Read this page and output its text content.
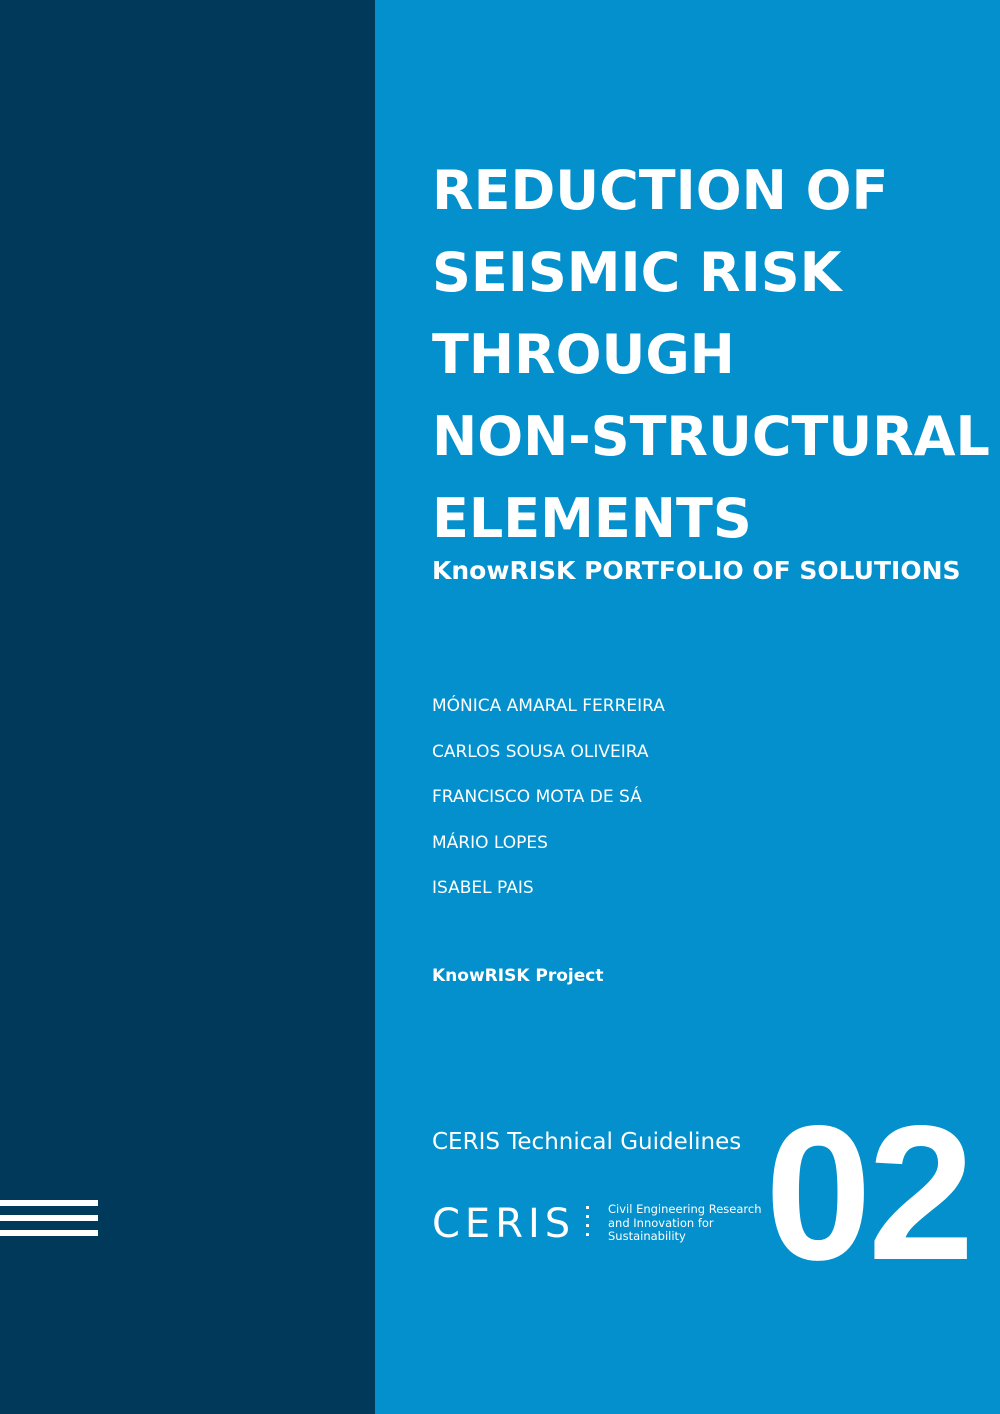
REDUCTION OF
SEISMIC RISK
THROUGH
NON-STRUCTURAL
ELEMENTS
KnowRISK PORTFOLIO OF SOLUTIONS
MÓNICA AMARAL FERREIRA
CARLOS SOUSA OLIVEIRA
FRANCISCO MOTA DE SÁ
MÁRIO LOPES
ISABEL PAIS
KnowRISK Project
CERIS Technical Guidelines 02
CERIS	Civil Engineering Research
and Innovation for
Sustainability
